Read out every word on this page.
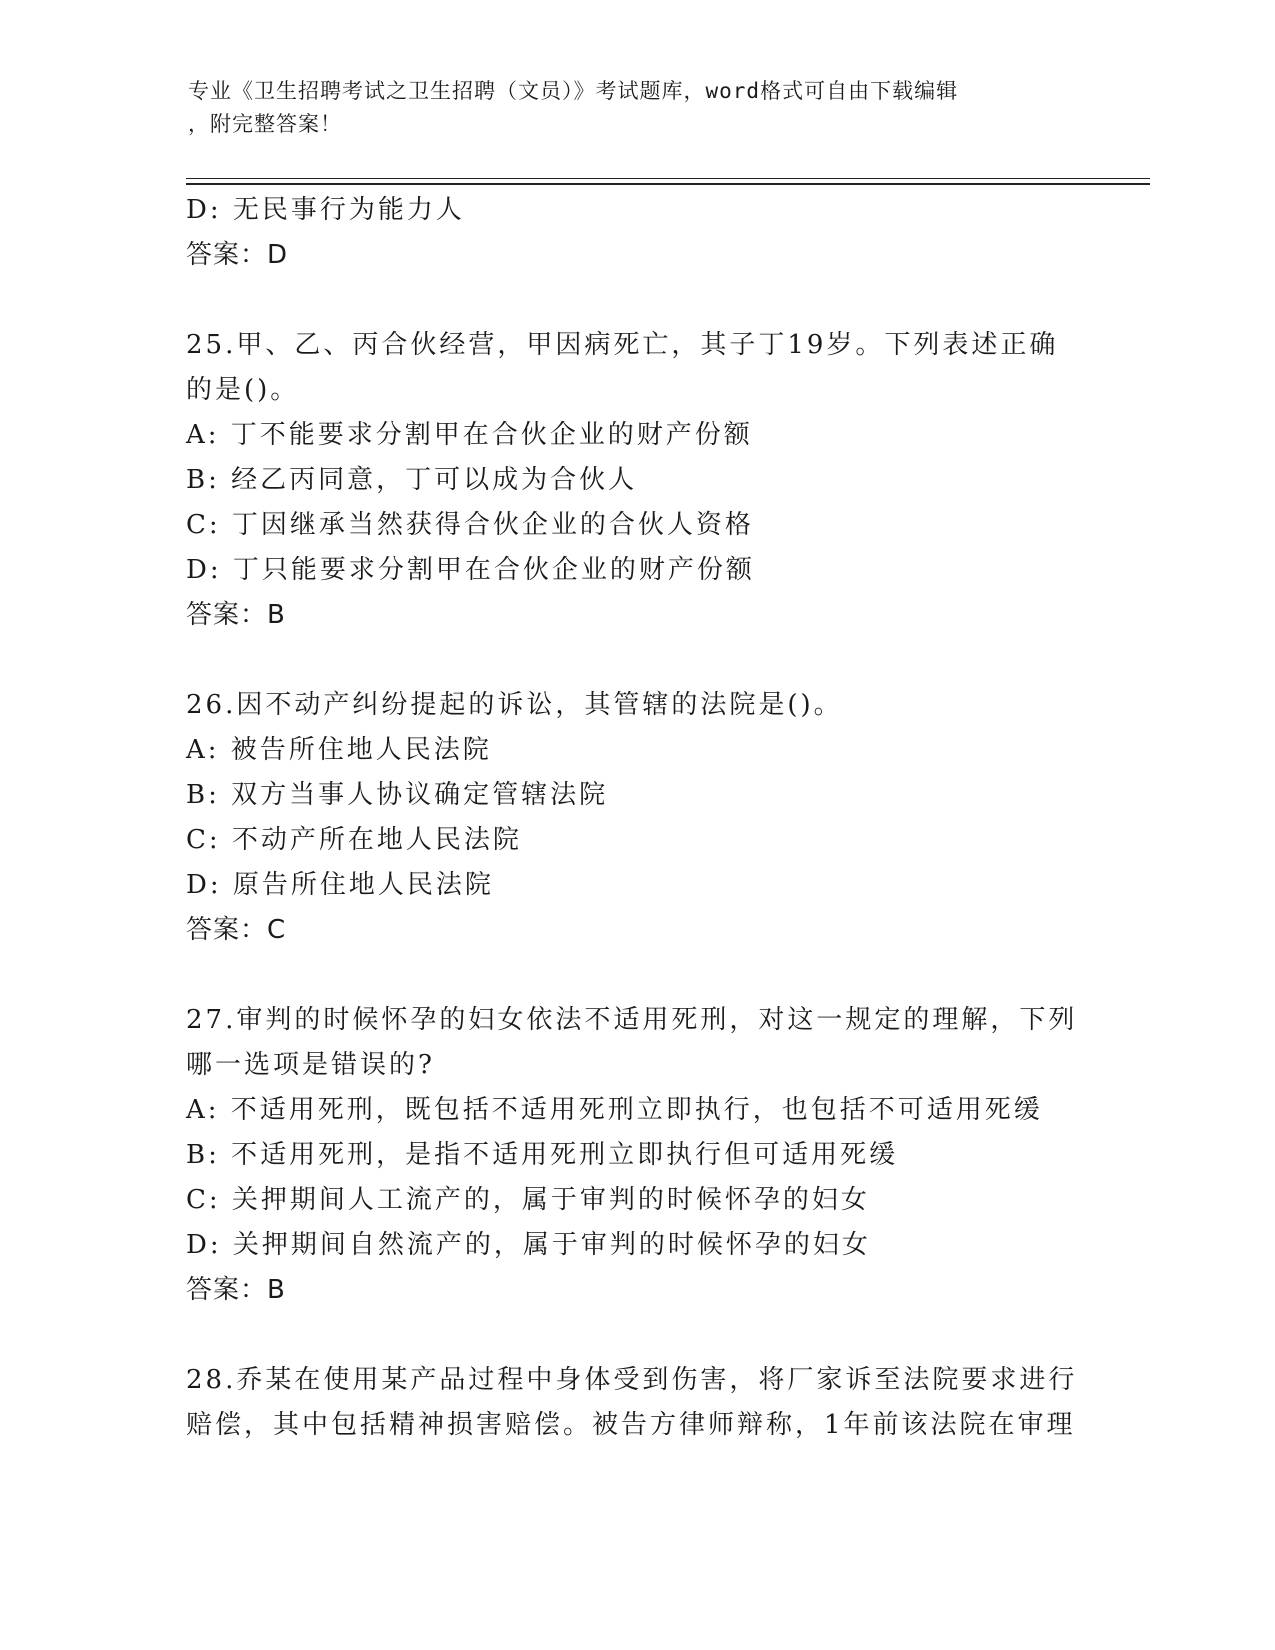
专业《卫生招聘考试之卫生招聘（文员）》考试题库，word格式可自由下载编辑
，附完整答案！
D: 无民事行为能力人
答案：D
25.甲、乙、丙合伙经营，甲因病死亡，其子丁19岁。下列表述正确
的是()。
A: 丁不能要求分割甲在合伙企业的财产份额
B: 经乙丙同意，丁可以成为合伙人
C: 丁因继承当然获得合伙企业的合伙人资格
D: 丁只能要求分割甲在合伙企业的财产份额
答案：B
26.因不动产纠纷提起的诉讼，其管辖的法院是()。
A: 被告所住地人民法院
B: 双方当事人协议确定管辖法院
C: 不动产所在地人民法院
D: 原告所住地人民法院
答案：C
27.审判的时候怀孕的妇女依法不适用死刑，对这一规定的理解，下列
哪一选项是错误的?
A: 不适用死刑，既包括不适用死刑立即执行，也包括不可适用死缓
B: 不适用死刑，是指不适用死刑立即执行但可适用死缓
C: 关押期间人工流产的，属于审判的时候怀孕的妇女
D: 关押期间自然流产的，属于审判的时候怀孕的妇女
答案：B
28.乔某在使用某产品过程中身体受到伤害，将厂家诉至法院要求进行
赔偿，其中包括精神损害赔偿。被告方律师辩称，1年前该法院在审理
